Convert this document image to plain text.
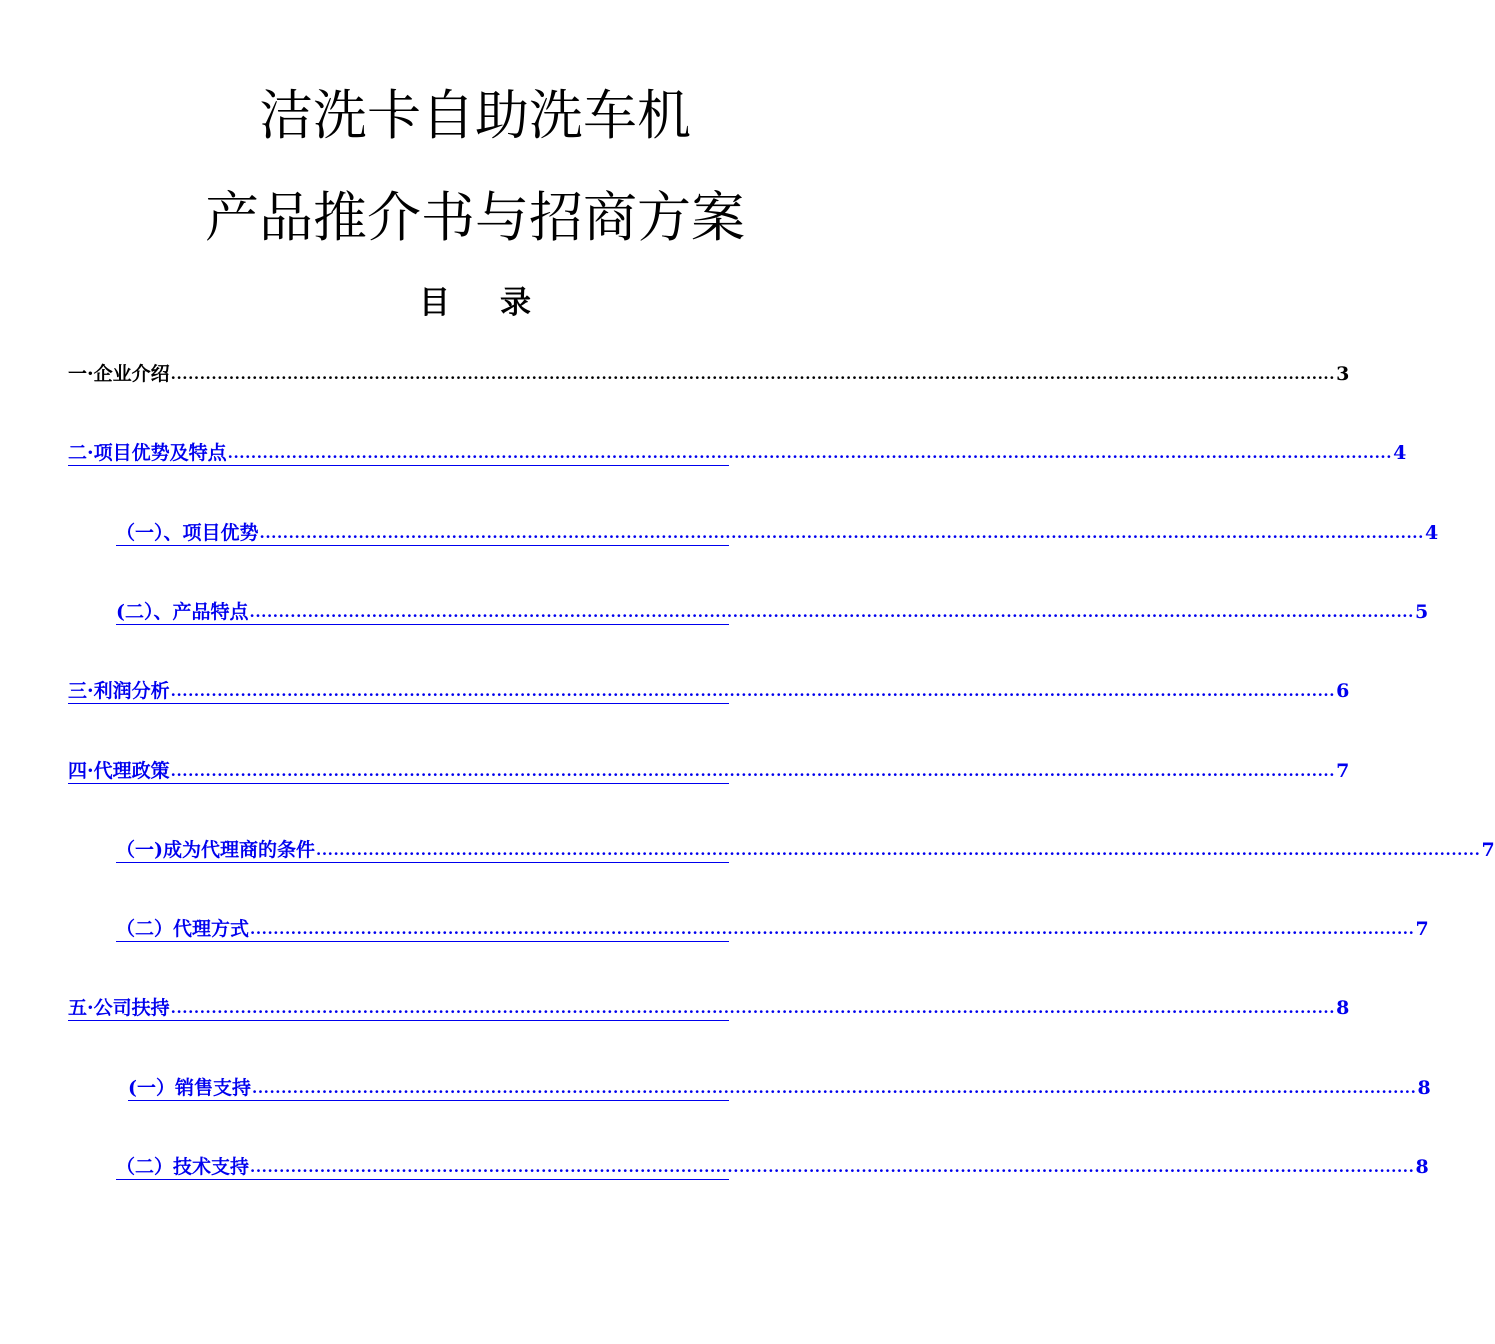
洁洗卡自助洗车机
产品推介书与招商方案
目录
一·企业介绍 ........................................................................................................................................................................................................ 3
二·项目优势及特点 ........................................................................................................................................................................................................ 4
（一）、项目优势 ........................................................................................................................................................................................................ 4
(二）、产品特点 ........................................................................................................................................................................................................ 5
三·利润分析 ........................................................................................................................................................................................................ 6
四·代理政策 ........................................................................................................................................................................................................ 7
（一)成为代理商的条件 ........................................................................................................................................................................................................ 7
（二）代理方式 ........................................................................................................................................................................................................ 7
五·公司扶持 ........................................................................................................................................................................................................ 8
(一）销售支持 ........................................................................................................................................................................................................ 8
（二）技术支持 ........................................................................................................................................................................................................ 8
